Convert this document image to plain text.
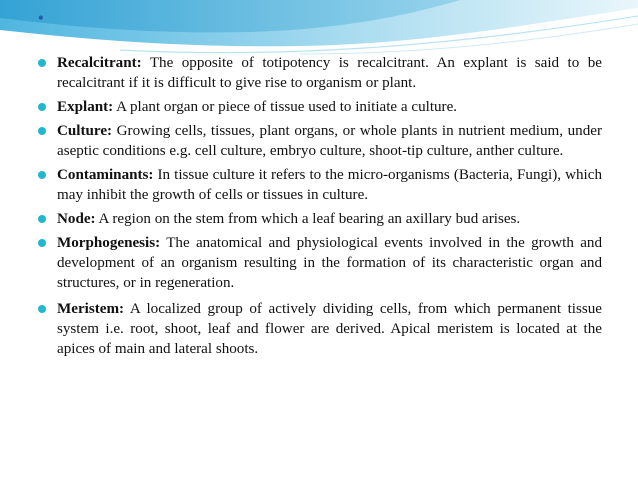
•
Recalcitrant: The opposite of totipotency is recalcitrant. An explant is said to be recalcitrant if it is difficult to give rise to organism or plant.
Explant: A plant organ or piece of tissue used to initiate a culture.
Culture: Growing cells, tissues, plant organs, or whole plants in nutrient medium, under aseptic conditions e.g. cell culture, embryo culture, shoot-tip culture, anther culture.
Contaminants: In tissue culture it refers to the micro-organisms (Bacteria, Fungi), which may inhibit the growth of cells or tissues in culture.
Node: A region on the stem from which a leaf bearing an axillary bud arises.
Morphogenesis: The anatomical and physiological events involved in the growth and development of an organism resulting in the formation of its characteristic organ and structures, or in regeneration.
Meristem: A localized group of actively dividing cells, from which permanent tissue system i.e. root, shoot, leaf and flower are derived. Apical meristem is located at the apices of main and lateral shoots.
